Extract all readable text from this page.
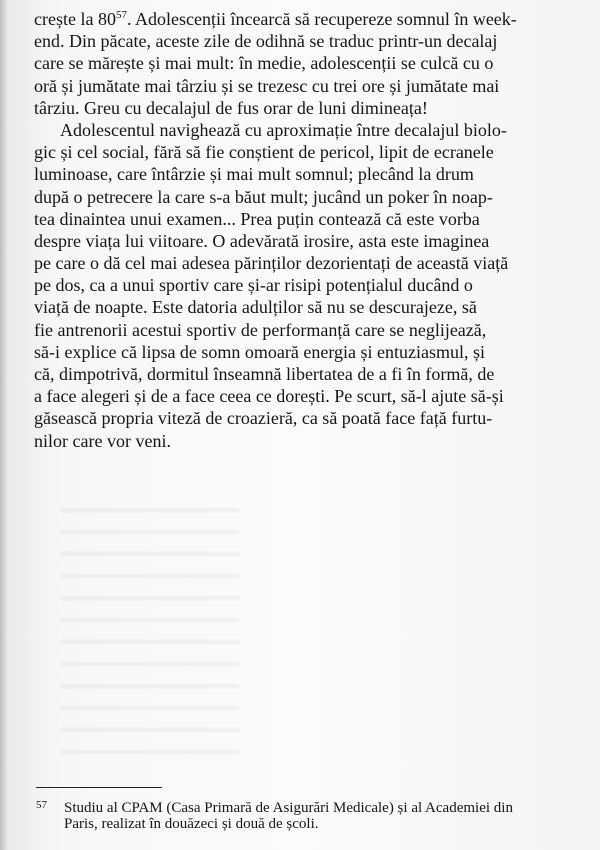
crește la $80^{57}$. Adolescenții încearcă să recupereze somnul în week-
end. Din păcate, aceste zile de odihnă se traduc printr-un decalaj
care se mărește și mai mult: în medie, adolescenții se culcă cu o
oră și jumătate mai târziu și se trezesc cu trei ore și jumătate mai
târziu. Greu cu decalajul de fus orar de luni dimineața!
Adolescentul navighează cu aproximație între decalajul biolo-
gic și cel social, fără să fie conștient de pericol, lipit de ecranele
luminoase, care întârzie și mai mult somnul; plecând la drum
după o petrecere la care s-a băut mult; jucând un poker în noap-
tea dinaintea unui examen... Prea puțin contează că este vorba
despre viața lui viitoare. O adevărată irosire, asta este imaginea
pe care o dă cel mai adesea părinților dezorientați de această viață
pe dos, ca a unui sportiv care și-ar risipi potențialul ducând o
viață de noapte. Este datoria adulților să nu se descurajeze, să
fie antrenorii acestui sportiv de performanță care se neglijează,
să-i explice că lipsa de somn omoară energia și entuziasmul, și
că, dimpotrivă, dormitul înseamnă libertatea de a fi în formă, de
a face alegeri și de a face ceea ce dorești. Pe scurt, să-l ajute să-și
găsească propria viteză de croazieră, ca să poată face față furtu-
nilor care vor veni.
57 Studiu al CPAM (Casa Primară de Asigurări Medicale) și al Academiei din
Paris, realizat în douăzeci și două de școli.
